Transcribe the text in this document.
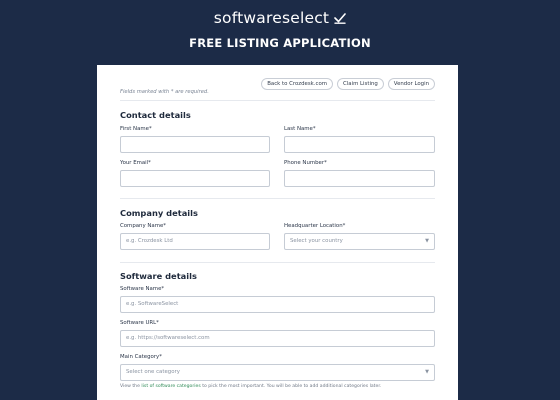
softwareselect
FREE LISTING APPLICATION
Back to Crozdesk.com	Claim Listing	Vendor Login
Fields marked with * are required.
Contact details
First Name*	Last Name*
Your Email*	Phone Number*
Company details
Company Name*
e.g. Crozdesk Ltd
Headquarter Location*
Select your country	▼
Software details
Software Name*
e.g. SoftwareSelect
Software URL*
e.g. https://softwareselect.com
Main Category*
Select one category	▼
View the list of software categories to pick the most important. You will be able to add additional categories later.
